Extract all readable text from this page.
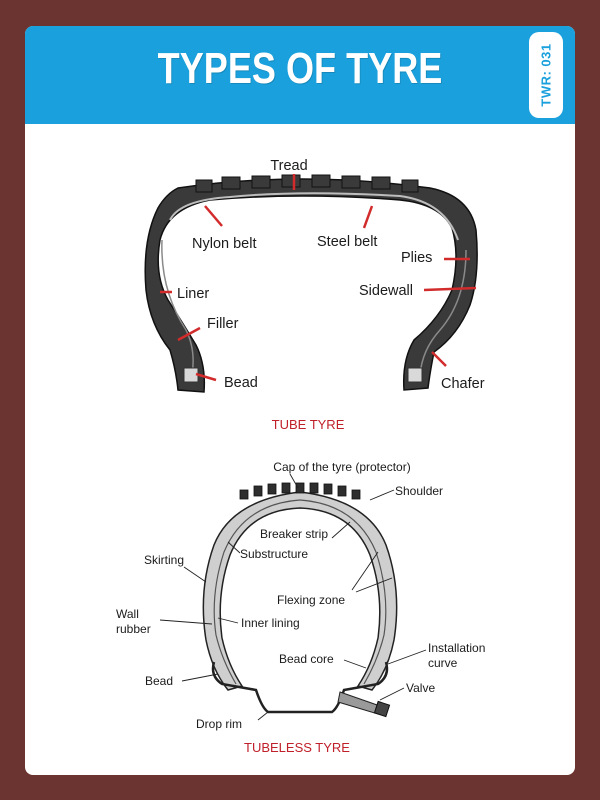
TYPES OF TYRE	TWR: 031
Tread
Nylon belt	Steel belt
Plies
Liner	Sidewall
Filler
Bead	Chafer
TUBE TYRE
Cap of the tyre (protector)
Shoulder
Breaker strip
Substructure
Skirting
Flexing zone
Wall
rubber	Inner lining
Bead core
Installation
curve
Bead	Valve
Drop rim
TUBELESS TYRE
